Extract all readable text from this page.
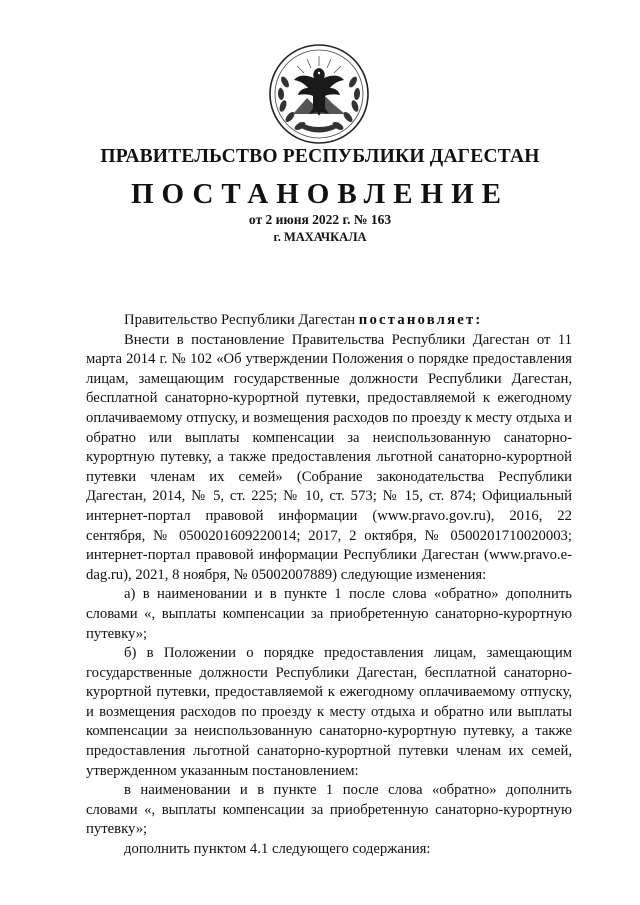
ПРАВИТЕЛЬСТВО РЕСПУБЛИКИ ДАГЕСТАН
ПОСТАНОВЛЕНИЕ
от 2 июня 2022 г. № 163
г. МАХАЧКАЛА

Правительство Республики Дагестан постановляет:

Внести в постановление Правительства Республики Дагестан от 11 марта 2014 г. № 102 «Об утверждении Положения о порядке предоставления лицам, замещающим государственные должности Республики Дагестан, бесплатной санаторно-курортной путевки, предоставляемой к ежегодному оплачиваемому отпуску, и возмещения расходов по проезду к месту отдыха и обратно или выплаты компенсации за неиспользованную санаторно-курортную путевку, а также предоставления льготной санаторно-курортной путевки членам их семей» (Собрание законодательства Республики Дагестан, 2014, № 5, ст. 225; № 10, ст. 573; № 15, ст. 874; Официальный интернет-портал правовой информации (www.pravo.gov.ru), 2016, 22 сентября, № 0500201609220014; 2017, 2 октября, № 0500201710020003; интернет-портал правовой информации Республики Дагестан (www.pravo.e-dag.ru), 2021, 8 ноября, № 05002007889) следующие изменения:

а) в наименовании и в пункте 1 после слова «обратно» дополнить словами «, выплаты компенсации за приобретенную санаторно-курортную путевку»;

б) в Положении о порядке предоставления лицам, замещающим государственные должности Республики Дагестан, бесплатной санаторно-курортной путевки, предоставляемой к ежегодному оплачиваемому отпуску, и возмещения расходов по проезду к месту отдыха и обратно или выплаты компенсации за неиспользованную санаторно-курортную путевку, а также предоставления льготной санаторно-курортной путевки членам их семей, утвержденном указанным постановлением:

в наименовании и в пункте 1 после слова «обратно» дополнить словами «, выплаты компенсации за приобретенную санаторно-курортную путевку»;

дополнить пунктом 4.1 следующего содержания:
